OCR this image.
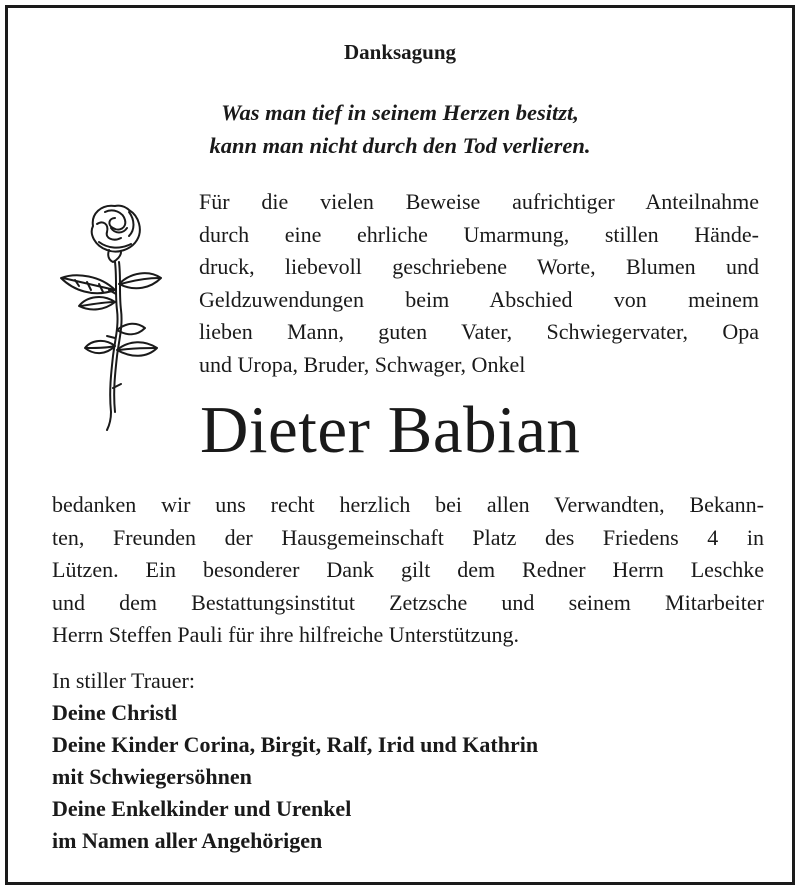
Danksagung
Was man tief in seinem Herzen besitzt,
kann man nicht durch den Tod verlieren.
Für die vielen Beweise aufrichtiger Anteilnahme
durch eine ehrliche Umarmung, stillen Hände-
druck, liebevoll geschriebene Worte, Blumen und
Geldzuwendungen beim Abschied von meinem
lieben Mann, guten Vater, Schwiegervater, Opa
und Uropa, Bruder, Schwager, Onkel
Dieter Babian
bedanken wir uns recht herzlich bei allen Verwandten, Bekann-
ten, Freunden der Hausgemeinschaft Platz des Friedens 4 in
Lützen. Ein besonderer Dank gilt dem Redner Herrn Leschke
und dem Bestattungsinstitut Zetzsche und seinem Mitarbeiter
Herrn Steffen Pauli für ihre hilfreiche Unterstützung.
In stiller Trauer:
Deine Christl
Deine Kinder Corina, Birgit, Ralf, Irid und Kathrin
mit Schwiegersöhnen
Deine Enkelkinder und Urenkel
im Namen aller Angehörigen
